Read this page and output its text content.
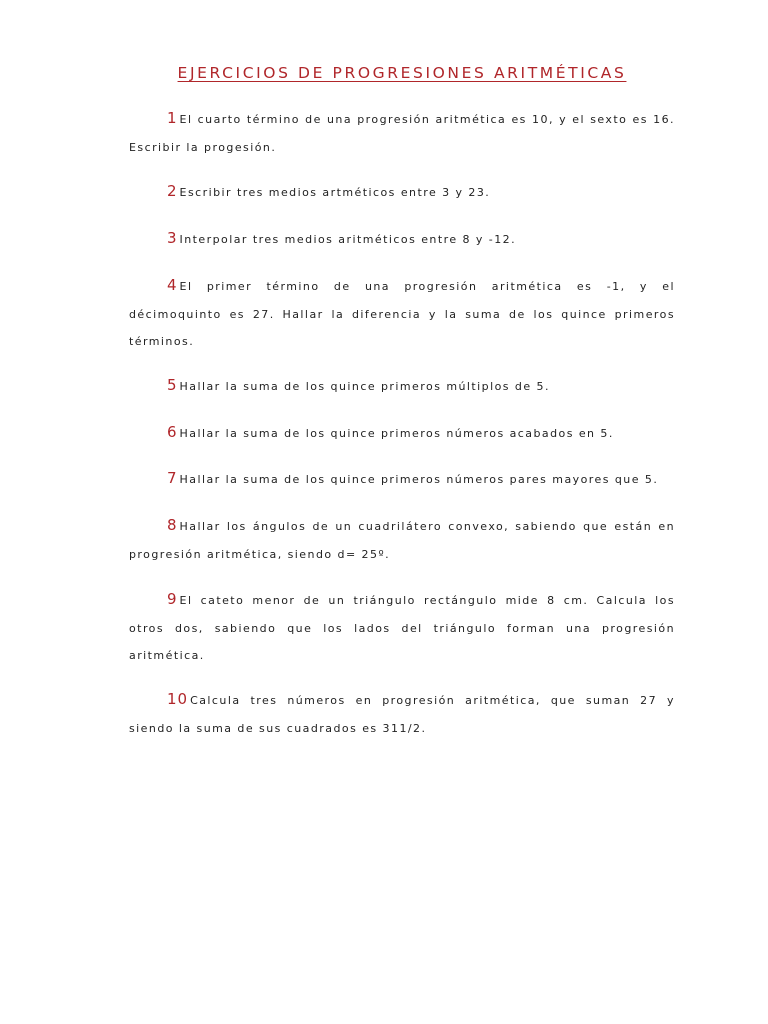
EJERCICIOS DE PROGRESIONES ARITMÉTICAS
1 El cuarto término de una progresión aritmética es 10, y el sexto es 16. Escribir la progesión.
2 Escribir tres medios artméticos entre 3 y 23.
3 Interpolar tres medios aritméticos entre 8 y -12.
4 El primer término de una progresión aritmética es -1, y el décimoquinto es 27. Hallar la diferencia y la suma de los quince primeros términos.
5 Hallar la suma de los quince primeros múltiplos de 5.
6 Hallar la suma de los quince primeros números acabados en 5.
7 Hallar la suma de los quince primeros números pares mayores que 5.
8 Hallar los ángulos de un cuadrilátero convexo, sabiendo que están en progresión aritmética, siendo d= 25º.
9 El cateto menor de un triángulo rectángulo mide 8 cm. Calcula los otros dos, sabiendo que los lados del triángulo forman una progresión aritmética.
10 Calcula tres números en progresión aritmética, que suman 27 y siendo la suma de sus cuadrados es 311/2.
